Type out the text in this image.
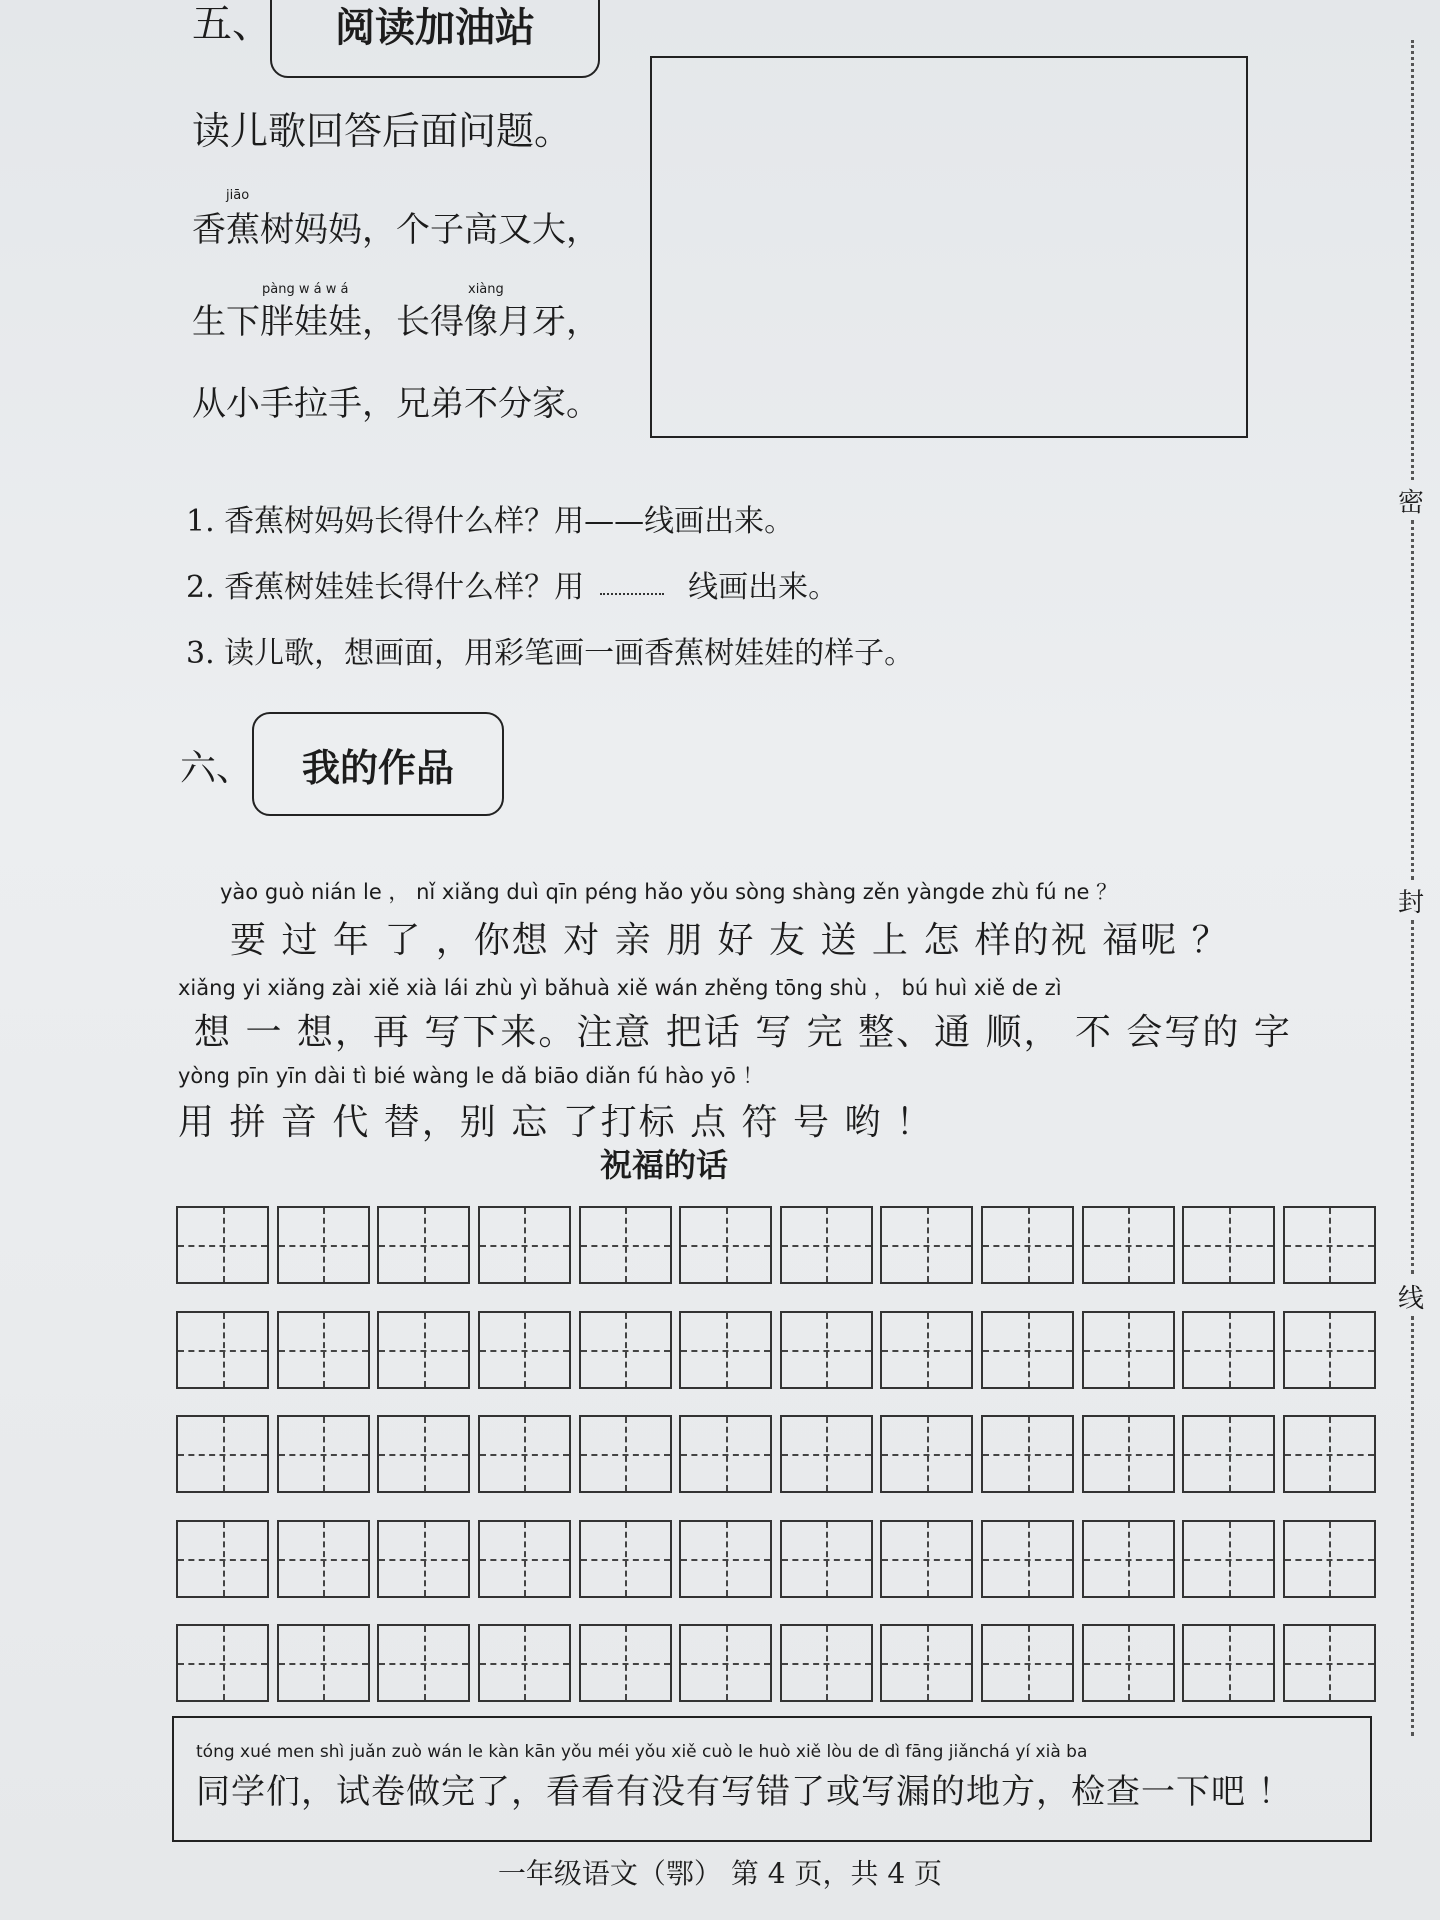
五、 阅读加油站
读儿歌回答后面问题。
jiāo
香蕉树妈妈，个子高又大，
pàng w á w á	xiàng
生下胖娃娃，长得像月牙，
从小手拉手，兄弟不分家。
1. 香蕉树妈妈长得什么样？用——线画出来。
2. 香蕉树娃娃长得什么样？用	线画出来。
3. 读儿歌，想画面，用彩笔画一画香蕉树娃娃的样子。
六、 我的作品
yào guò nián le ， nǐ xiǎng duì qīn péng hǎo yǒu sòng shàng zěn yàngde zhù fú ne ？
要 过 年 了 ，你想 对 亲 朋 好 友 送 上 怎 样的祝 福呢 ？
xiǎng yi xiǎng zài xiě xià lái zhù yì bǎhuà xiě wán zhěng tōng shù ， bú huì xiě de zì
想 一 想，再 写下来。注意 把话 写 完 整、通 顺， 不 会写的 字
yòng pīn yīn dài tì bié wàng le dǎ biāo diǎn fú hào yō ！
用 拼 音 代 替，别 忘 了打标 点 符 号 哟 ！
祝福的话
tóng xué men shì juǎn zuò wán le kàn kān yǒu méi yǒu xiě cuò le huò xiě lòu de dì fāng jiǎnchá yí xià ba
同学们，试卷做完了，看看有没有写错了或写漏的地方，检查一下吧 ！
一年级语文（鄂） 第 4 页，共 4 页
密
封
线
